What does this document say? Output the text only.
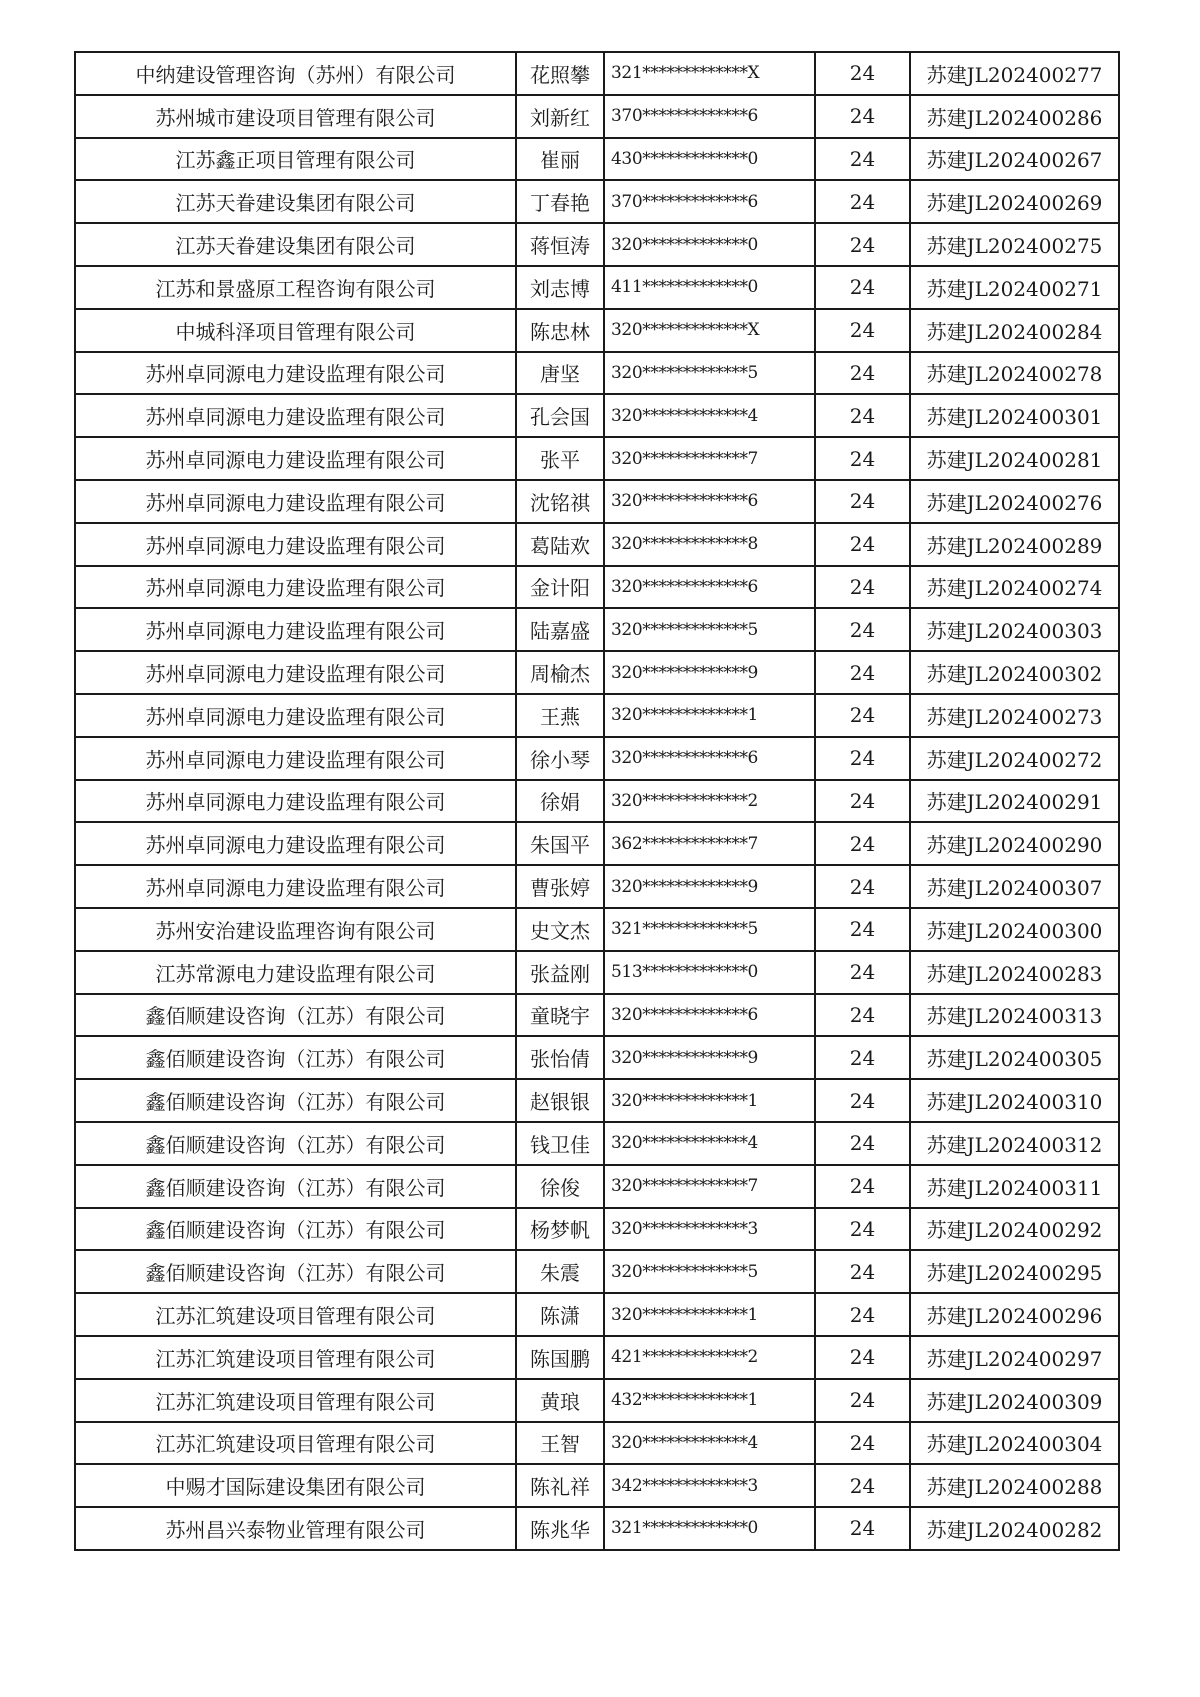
中纳建设管理咨询（苏州）有限公司	花照攀	321*************X	24	苏建JL202400277
苏州城市建设项目管理有限公司	刘新红	370*************6	24	苏建JL202400286
江苏鑫正项目管理有限公司	崔丽	430*************0	24	苏建JL202400267
江苏天眷建设集团有限公司	丁春艳	370*************6	24	苏建JL202400269
江苏天眷建设集团有限公司	蒋恒涛	320*************0	24	苏建JL202400275
江苏和景盛原工程咨询有限公司	刘志博	411*************0	24	苏建JL202400271
中城科泽项目管理有限公司	陈忠林	320*************X	24	苏建JL202400284
苏州卓同源电力建设监理有限公司	唐坚	320*************5	24	苏建JL202400278
苏州卓同源电力建设监理有限公司	孔会国	320*************4	24	苏建JL202400301
苏州卓同源电力建设监理有限公司	张平	320*************7	24	苏建JL202400281
苏州卓同源电力建设监理有限公司	沈铭祺	320*************6	24	苏建JL202400276
苏州卓同源电力建设监理有限公司	葛陆欢	320*************8	24	苏建JL202400289
苏州卓同源电力建设监理有限公司	金计阳	320*************6	24	苏建JL202400274
苏州卓同源电力建设监理有限公司	陆嘉盛	320*************5	24	苏建JL202400303
苏州卓同源电力建设监理有限公司	周榆杰	320*************9	24	苏建JL202400302
苏州卓同源电力建设监理有限公司	王燕	320*************1	24	苏建JL202400273
苏州卓同源电力建设监理有限公司	徐小琴	320*************6	24	苏建JL202400272
苏州卓同源电力建设监理有限公司	徐娟	320*************2	24	苏建JL202400291
苏州卓同源电力建设监理有限公司	朱国平	362*************7	24	苏建JL202400290
苏州卓同源电力建设监理有限公司	曹张婷	320*************9	24	苏建JL202400307
苏州安治建设监理咨询有限公司	史文杰	321*************5	24	苏建JL202400300
江苏常源电力建设监理有限公司	张益刚	513*************0	24	苏建JL202400283
鑫佰顺建设咨询（江苏）有限公司	童晓宇	320*************6	24	苏建JL202400313
鑫佰顺建设咨询（江苏）有限公司	张怡倩	320*************9	24	苏建JL202400305
鑫佰顺建设咨询（江苏）有限公司	赵银银	320*************1	24	苏建JL202400310
鑫佰顺建设咨询（江苏）有限公司	钱卫佳	320*************4	24	苏建JL202400312
鑫佰顺建设咨询（江苏）有限公司	徐俊	320*************7	24	苏建JL202400311
鑫佰顺建设咨询（江苏）有限公司	杨梦帆	320*************3	24	苏建JL202400292
鑫佰顺建设咨询（江苏）有限公司	朱震	320*************5	24	苏建JL202400295
江苏汇筑建设项目管理有限公司	陈潇	320*************1	24	苏建JL202400296
江苏汇筑建设项目管理有限公司	陈国鹏	421*************2	24	苏建JL202400297
江苏汇筑建设项目管理有限公司	黄琅	432*************1	24	苏建JL202400309
江苏汇筑建设项目管理有限公司	王智	320*************4	24	苏建JL202400304
中赐才国际建设集团有限公司	陈礼祥	342*************3	24	苏建JL202400288
苏州昌兴泰物业管理有限公司	陈兆华	321*************0	24	苏建JL202400282
